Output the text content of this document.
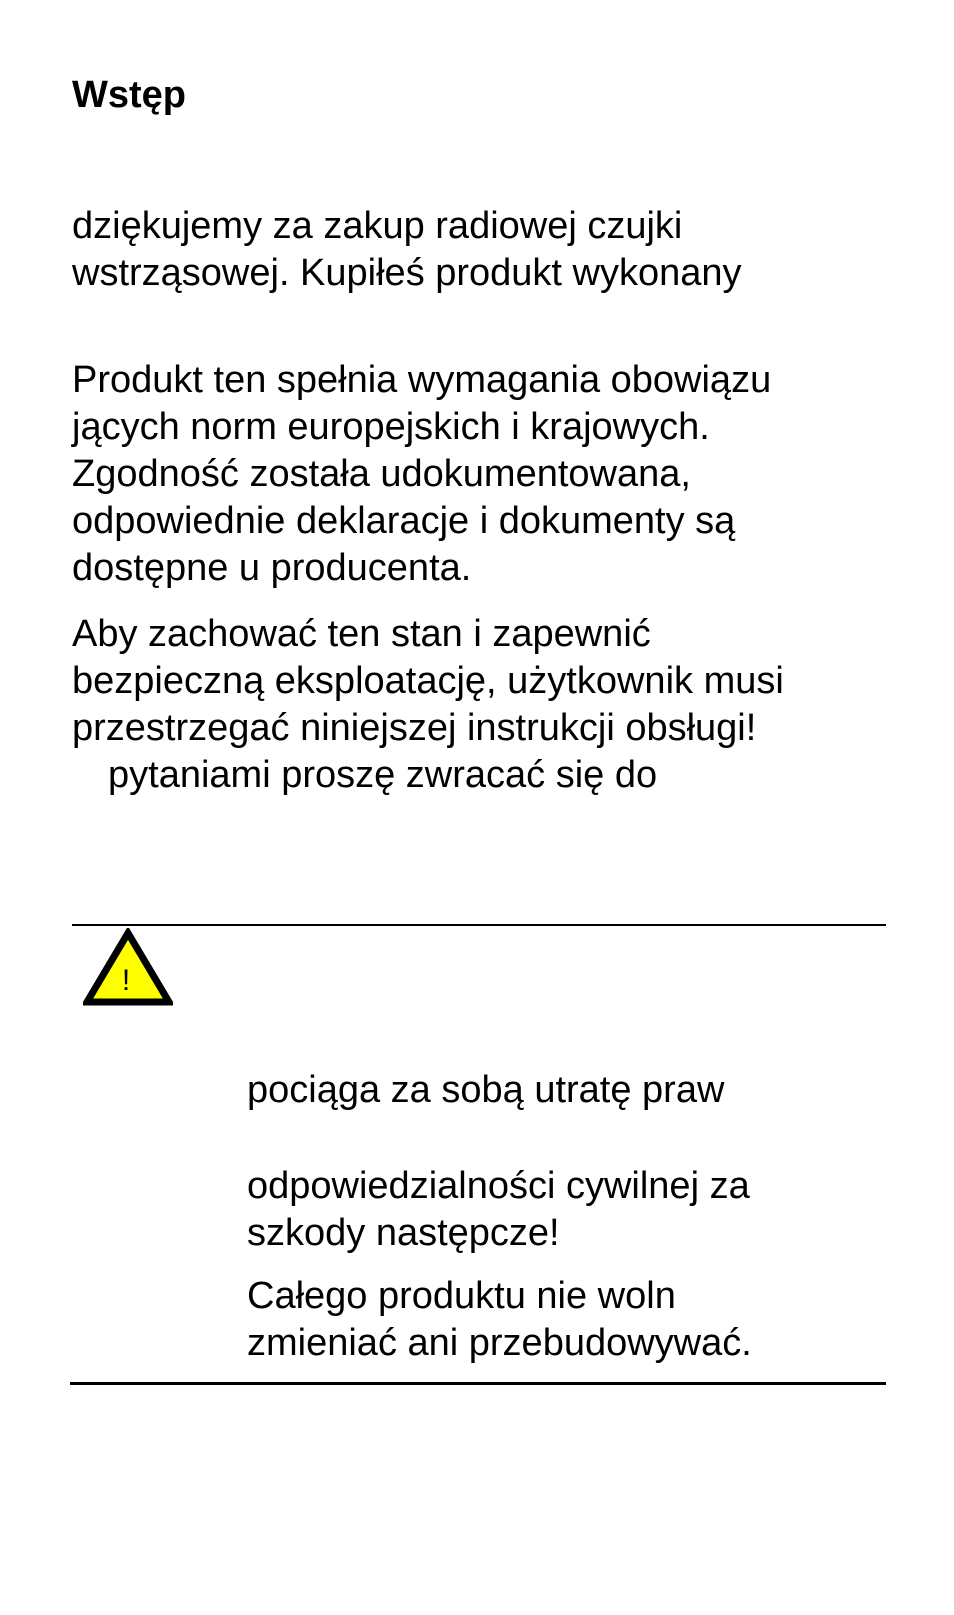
Wstęp

dziękujemy za zakup radiowej czujki
wstrząsowej. Kupiłeś produkt wykonany

Produkt ten spełnia wymagania obowiązu
jących norm europejskich i krajowych.
Zgodność została udokumentowana,
odpowiednie deklaracje i dokumenty są
dostępne u producenta.

Aby zachować ten stan i zapewnić
bezpieczną eksploatację, użytkownik musi
przestrzegać niniejszej instrukcji obsługi!
pytaniami proszę zwracać się do

!

pociąga za sobą utratę praw

odpowiedzialności cywilnej za
szkody następcze!

Całego produktu nie woln
zmieniać ani przebudowywać.
